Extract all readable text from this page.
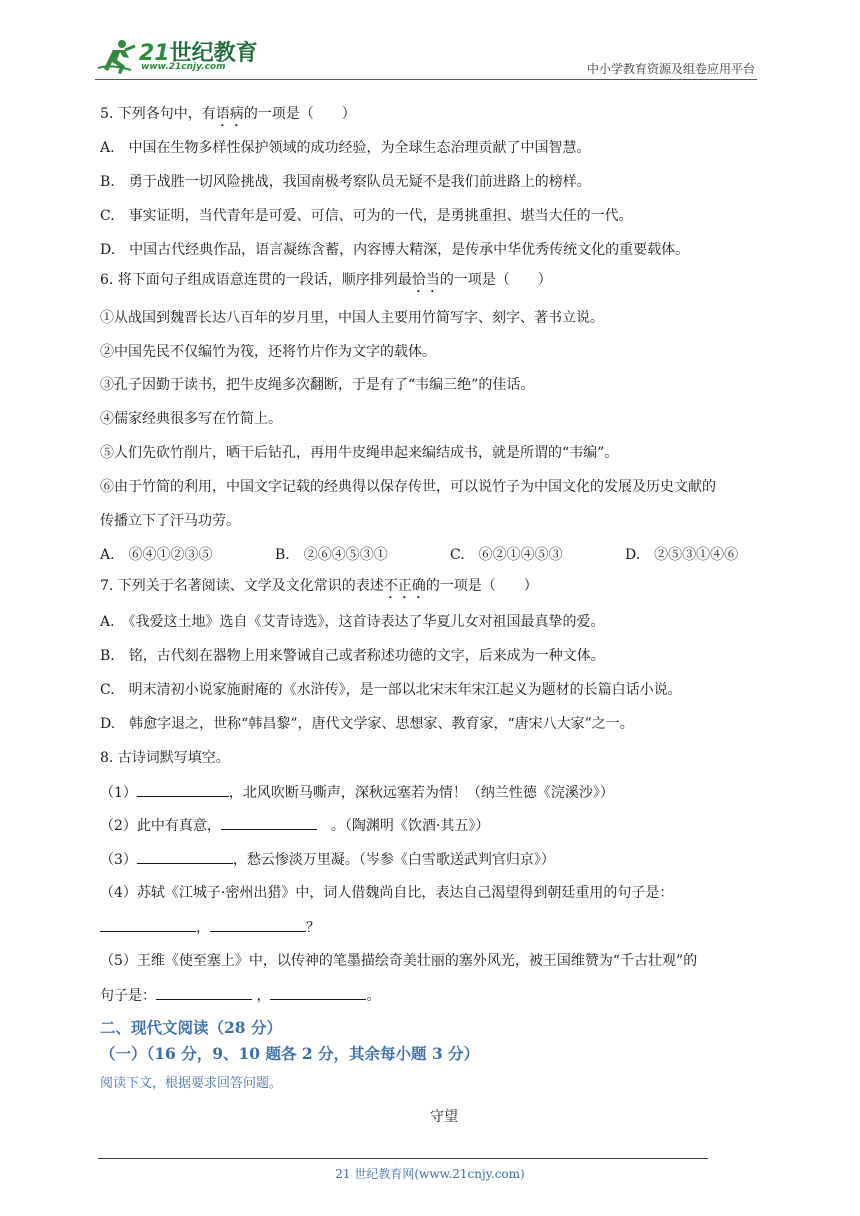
21世纪教育
www.21cnjy.com	中小学教育资源及组卷应用平台
5. 下列各句中，有语病的一项是（　　）
A.　中国在生物多样性保护领域的成功经验，为全球生态治理贡献了中国智慧。
B.　勇于战胜一切风险挑战，我国南极考察队员无疑不是我们前进路上的榜样。
C.　事实证明，当代青年是可爱、可信、可为的一代，是勇挑重担、堪当大任的一代。
D.　中国古代经典作品，语言凝练含蓄，内容博大精深，是传承中华优秀传统文化的重要载体。
6. 将下面句子组成语意连贯的一段话，顺序排列最恰当的一项是（　　）
①从战国到魏晋长达八百年的岁月里，中国人主要用竹简写字、刻字、著书立说。
②中国先民不仅编竹为筏，还将竹片作为文字的载体。
③孔子因勤于读书，把牛皮绳多次翻断，于是有了“韦编三绝”的佳话。
④儒家经典很多写在竹简上。
⑤人们先砍竹削片，晒干后钻孔，再用牛皮绳串起来编结成书，就是所谓的“韦编”。
⑥由于竹简的利用，中国文字记载的经典得以保存传世，可以说竹子为中国文化的发展及历史文献的
传播立下了汗马功劳。
A.　⑥④①②③⑤	B.　②⑥④⑤③①	C.　⑥②①④⑤③	D.　②⑤③①④⑥
7. 下列关于名著阅读、文学及文化常识的表述不正确的一项是（　　）
A.　《我爱这土地》选自《艾青诗选》，这首诗表达了华夏儿女对祖国最真挚的爱。
B.　铭，古代刻在器物上用来警诫自己或者称述功德的文字，后来成为一种文体。
C.　明末清初小说家施耐庵的《水浒传》，是一部以北宋末年宋江起义为题材的长篇白话小说。
D.　韩愈字退之，世称“韩昌黎”，唐代文学家、思想家、教育家，“唐宋八大家”之一。
8. 古诗词默写填空。
（1）	，北风吹断马嘶声，深秋远塞若为情！（纳兰性德《浣溪沙》）
（2）此中有真意，	　。（陶渊明《饮酒·其五》）
（3）	，愁云惨淡万里凝。（岑参《白雪歌送武判官归京》）
（4）苏轼《江城子·密州出猎》中，词人借魏尚自比，表达自己渴望得到朝廷重用的句子是：
，	？
（5）王维《使至塞上》中，以传神的笔墨描绘奇美壮丽的塞外风光，被王国维赞为“千古壮观”的
句子是：	，	。
二、现代文阅读（28 分）
（一）（16 分，9、10 题各 2 分，其余每小题 3 分）
阅读下文，根据要求回答问题。
守望
21 世纪教育网(www.21cnjy.com)
